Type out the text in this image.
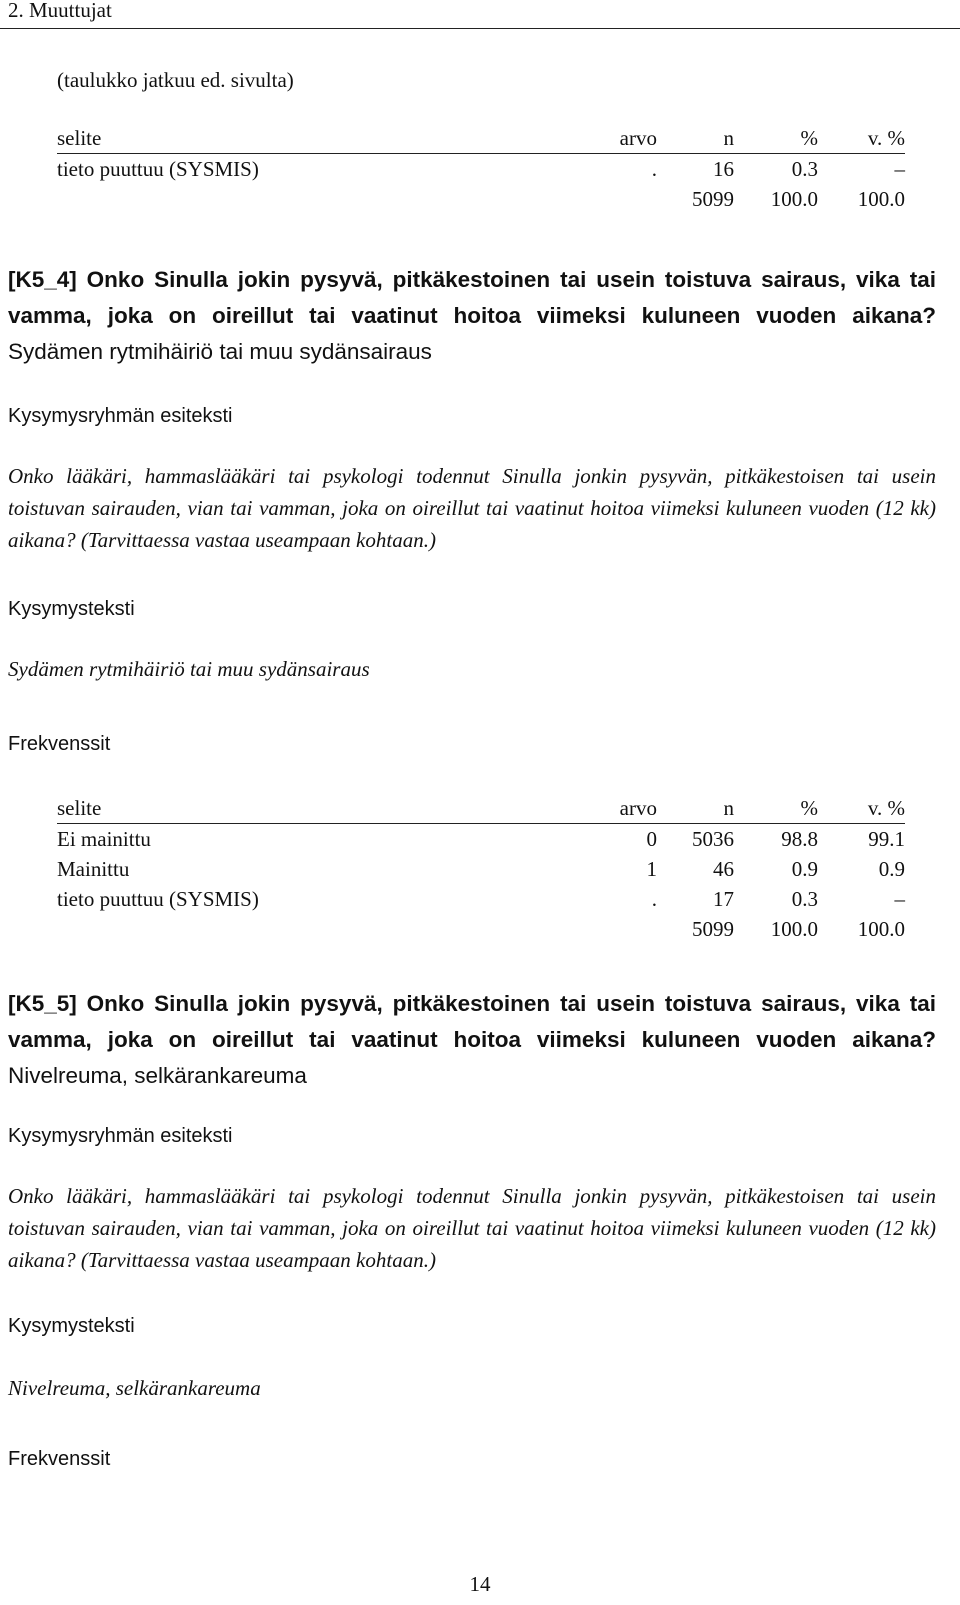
2. Muuttujat
(taulukko jatkuu ed. sivulta)
selite	arvo	n	%	v. %
tieto puuttuu (SYSMIS)	.	16	0.3	–
		5099	100.0	100.0
[K5_4] Onko Sinulla jokin pysyvä, pitkäkestoinen tai usein toistuva sairaus, vika tai vamma, joka on oireillut tai vaatinut hoitoa viimeksi kuluneen vuoden aikana? Sydämen rytmihäiriö tai muu sydänsairaus
Kysymysryhmän esiteksti
Onko lääkäri, hammaslääkäri tai psykologi todennut Sinulla jonkin pysyvän, pitkäkestoisen tai usein toistuvan sairauden, vian tai vamman, joka on oireillut tai vaatinut hoitoa viimeksi kuluneen vuoden (12 kk) aikana? (Tarvittaessa vastaa useampaan kohtaan.)
Kysymysteksti
Sydämen rytmihäiriö tai muu sydänsairaus
Frekvenssit
selite	arvo	n	%	v. %
Ei mainittu	0	5036	98.8	99.1
Mainittu	1	46	0.9	0.9
tieto puuttuu (SYSMIS)	.	17	0.3	–
		5099	100.0	100.0
[K5_5] Onko Sinulla jokin pysyvä, pitkäkestoinen tai usein toistuva sairaus, vika tai vamma, joka on oireillut tai vaatinut hoitoa viimeksi kuluneen vuoden aikana? Nivelreuma, selkärankareuma
Kysymysryhmän esiteksti
Onko lääkäri, hammaslääkäri tai psykologi todennut Sinulla jonkin pysyvän, pitkäkestoisen tai usein toistuvan sairauden, vian tai vamman, joka on oireillut tai vaatinut hoitoa viimeksi kuluneen vuoden (12 kk) aikana? (Tarvittaessa vastaa useampaan kohtaan.)
Kysymysteksti
Nivelreuma, selkärankareuma
Frekvenssit
14
